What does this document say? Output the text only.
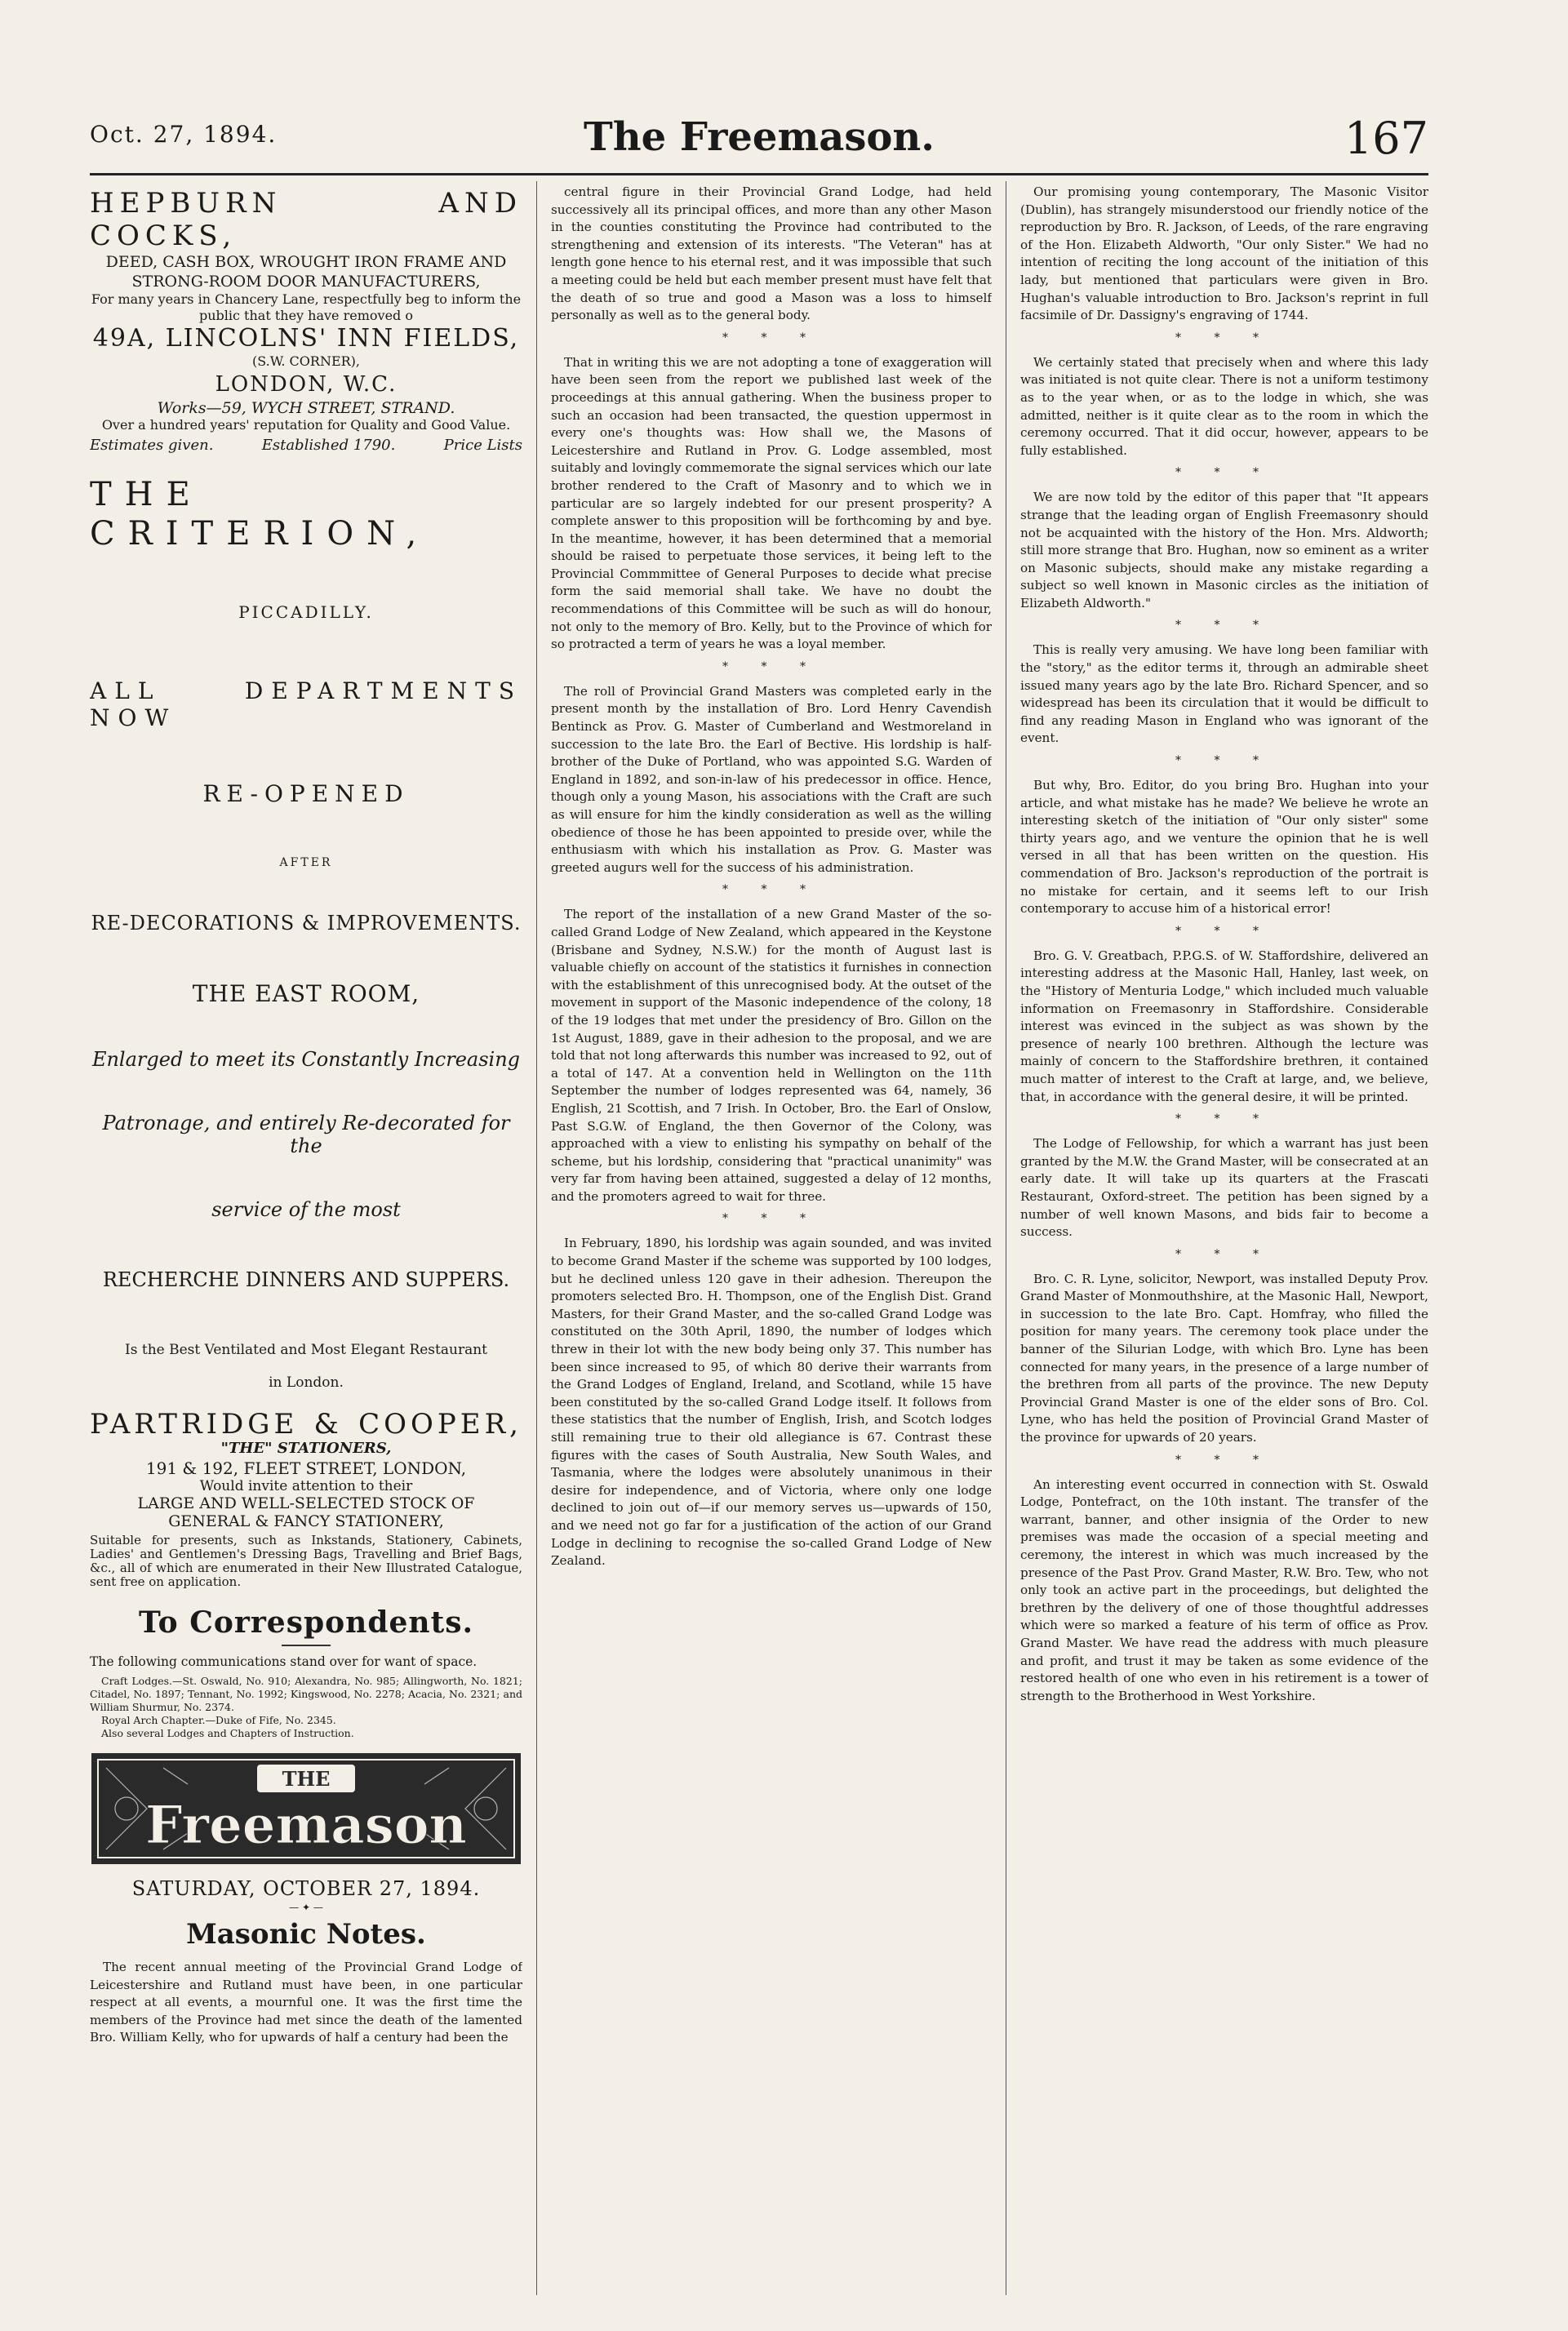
Oct. 27, 1894.	The Freemason.	167
HEPBURN AND COCKS,
DEED, CASH BOX, WROUGHT IRON FRAME AND
STRONG-ROOM DOOR MANUFACTURERS,
For many years in Chancery Lane, respectfully beg to inform the public that they have removed o
49A, LINCOLNS' INN FIELDS,
(S.W. CORNER),
LONDON, W.C.
Works—59, WYCH STREET, STRAND.
Over a hundred years' reputation for Quality and Good Value.
Estimates given.	Established 1790.	Price Lists
THE CRITERION,
PICCADILLY.
ALL DEPARTMENTS NOW
RE-OPENED
AFTER
RE-DECORATIONS & IMPROVEMENTS.
THE EAST ROOM,
Enlarged to meet its Constantly Increasing
Patronage, and entirely Re-decorated for the
service of the most
RECHERCHE DINNERS AND SUPPERS.
Is the Best Ventilated and Most Elegant Restaurant
in London.
PARTRIDGE & COOPER,
"THE" STATIONERS,
191 & 192, FLEET STREET, LONDON,
Would invite attention to their
LARGE AND WELL-SELECTED STOCK OF
GENERAL & FANCY STATIONERY,
Suitable for presents, such as Inkstands, Stationery, Cabinets, Ladies' and Gentlemen's Dressing Bags, Travelling and Brief Bags, &c., all of which are enumerated in their New Illustrated Catalogue, sent free on application.
To Correspondents.

The following communications stand over for want of space.

Craft Lodges.—St. Oswald, No. 910; Alexandra, No. 985; Allingworth, No. 1821; Citadel, No. 1897; Tennant, No. 1992; Kingswood, No. 2278; Acacia, No. 2321; and William Shurmur, No. 2374.

Royal Arch Chapter.—Duke of Fife, No. 2345.

Also several Lodges and Chapters of Instruction.

THE
Freemason
SATURDAY, OCTOBER 27, 1894.
— ✦ —
Masonic Notes.

The recent annual meeting of the Provincial Grand Lodge of Leicestershire and Rutland must have been, in one particular respect at all events, a mournful one. It was the first time the members of the Province had met since the death of the lamented Bro. William Kelly, who for upwards of half a century had been the

central figure in their Provincial Grand Lodge, had held successively all its principal offices, and more than any other Mason in the counties constituting the Province had contributed to the strengthening and extension of its interests. "The Veteran" has at length gone hence to his eternal rest, and it was impossible that such a meeting could be held but each member present must have felt that the death of so true and good a Mason was a loss to himself personally as well as to the general body.

* * *

That in writing this we are not adopting a tone of exaggeration will have been seen from the report we published last week of the proceedings at this annual gathering. When the business proper to such an occasion had been transacted, the question uppermost in every one's thoughts was: How shall we, the Masons of Leicestershire and Rutland in Prov. G. Lodge assembled, most suitably and lovingly commemorate the signal services which our late brother rendered to the Craft of Masonry and to which we in particular are so largely indebted for our present prosperity? A complete answer to this proposition will be forthcoming by and bye. In the meantime, however, it has been determined that a memorial should be raised to perpetuate those services, it being left to the Provincial Commmittee of General Purposes to decide what precise form the said memorial shall take. We have no doubt the recommendations of this Committee will be such as will do honour, not only to the memory of Bro. Kelly, but to the Province of which for so protracted a term of years he was a loyal member.

* * *

The roll of Provincial Grand Masters was completed early in the present month by the installation of Bro. Lord Henry Cavendish Bentinck as Prov. G. Master of Cumberland and Westmoreland in succession to the late Bro. the Earl of Bective. His lordship is half-brother of the Duke of Portland, who was appointed S.G. Warden of England in 1892, and son-in-law of his predecessor in office. Hence, though only a young Mason, his associations with the Craft are such as will ensure for him the kindly consideration as well as the willing obedience of those he has been appointed to preside over, while the enthusiasm with which his installation as Prov. G. Master was greeted augurs well for the success of his administration.

* * *

The report of the installation of a new Grand Master of the so-called Grand Lodge of New Zealand, which appeared in the Keystone (Brisbane and Sydney, N.S.W.) for the month of August last is valuable chiefly on account of the statistics it furnishes in connection with the establishment of this unrecognised body. At the outset of the movement in support of the Masonic independence of the colony, 18 of the 19 lodges that met under the presidency of Bro. Gillon on the 1st August, 1889, gave in their adhesion to the proposal, and we are told that not long afterwards this number was increased to 92, out of a total of 147. At a convention held in Wellington on the 11th September the number of lodges represented was 64, namely, 36 English, 21 Scottish, and 7 Irish. In October, Bro. the Earl of Onslow, Past S.G.W. of England, the then Governor of the Colony, was approached with a view to enlisting his sympathy on behalf of the scheme, but his lordship, considering that "practical unanimity" was very far from having been attained, suggested a delay of 12 months, and the promoters agreed to wait for three.

* * *

In February, 1890, his lordship was again sounded, and was invited to become Grand Master if the scheme was supported by 100 lodges, but he declined unless 120 gave in their adhesion. Thereupon the promoters selected Bro. H. Thompson, one of the English Dist. Grand Masters, for their Grand Master, and the so-called Grand Lodge was constituted on the 30th April, 1890, the number of lodges which threw in their lot with the new body being only 37. This number has been since increased to 95, of which 80 derive their warrants from the Grand Lodges of England, Ireland, and Scotland, while 15 have been constituted by the so-called Grand Lodge itself. It follows from these statistics that the number of English, Irish, and Scotch lodges still remaining true to their old allegiance is 67. Contrast these figures with the cases of South Australia, New South Wales, and Tasmania, where the lodges were absolutely unanimous in their desire for independence, and of Victoria, where only one lodge declined to join out of—if our memory serves us—upwards of 150, and we need not go far for a justification of the action of our Grand Lodge in declining to recognise the so-called Grand Lodge of New Zealand.

Our promising young contemporary, The Masonic Visitor (Dublin), has strangely misunderstood our friendly notice of the reproduction by Bro. R. Jackson, of Leeds, of the rare engraving of the Hon. Elizabeth Aldworth, "Our only Sister." We had no intention of reciting the long account of the initiation of this lady, but mentioned that particulars were given in Bro. Hughan's valuable introduction to Bro. Jackson's reprint in full facsimile of Dr. Dassigny's engraving of 1744.

* * *

We certainly stated that precisely when and where this lady was initiated is not quite clear. There is not a uniform testimony as to the year when, or as to the lodge in which, she was admitted, neither is it quite clear as to the room in which the ceremony occurred. That it did occur, however, appears to be fully established.

* * *

We are now told by the editor of this paper that "It appears strange that the leading organ of English Freemasonry should not be acquainted with the history of the Hon. Mrs. Aldworth; still more strange that Bro. Hughan, now so eminent as a writer on Masonic subjects, should make any mistake regarding a subject so well known in Masonic circles as the initiation of Elizabeth Aldworth."

* * *

This is really very amusing. We have long been familiar with the "story," as the editor terms it, through an admirable sheet issued many years ago by the late Bro. Richard Spencer, and so widespread has been its circulation that it would be difficult to find any reading Mason in England who was ignorant of the event.

* * *

But why, Bro. Editor, do you bring Bro. Hughan into your article, and what mistake has he made? We believe he wrote an interesting sketch of the initiation of "Our only sister" some thirty years ago, and we venture the opinion that he is well versed in all that has been written on the question. His commendation of Bro. Jackson's reproduction of the portrait is no mistake for certain, and it seems left to our Irish contemporary to accuse him of a historical error!

* * *

Bro. G. V. Greatbach, P.P.G.S. of W. Staffordshire, delivered an interesting address at the Masonic Hall, Hanley, last week, on the "History of Menturia Lodge," which included much valuable information on Freemasonry in Staffordshire. Considerable interest was evinced in the subject as was shown by the presence of nearly 100 brethren. Although the lecture was mainly of concern to the Staffordshire brethren, it contained much matter of interest to the Craft at large, and, we believe, that, in accordance with the general desire, it will be printed.

* * *

The Lodge of Fellowship, for which a warrant has just been granted by the M.W. the Grand Master, will be consecrated at an early date. It will take up its quarters at the Frascati Restaurant, Oxford-street. The petition has been signed by a number of well known Masons, and bids fair to become a success.

* * *

Bro. C. R. Lyne, solicitor, Newport, was installed Deputy Prov. Grand Master of Monmouthshire, at the Masonic Hall, Newport, in succession to the late Bro. Capt. Homfray, who filled the position for many years. The ceremony took place under the banner of the Silurian Lodge, with which Bro. Lyne has been connected for many years, in the presence of a large number of the brethren from all parts of the province. The new Deputy Provincial Grand Master is one of the elder sons of Bro. Col. Lyne, who has held the position of Provincial Grand Master of the province for upwards of 20 years.

* * *

An interesting event occurred in connection with St. Oswald Lodge, Pontefract, on the 10th instant. The transfer of the warrant, banner, and other insignia of the Order to new premises was made the occasion of a special meeting and ceremony, the interest in which was much increased by the presence of the Past Prov. Grand Master, R.W. Bro. Tew, who not only took an active part in the proceedings, but delighted the brethren by the delivery of one of those thoughtful addresses which were so marked a feature of his term of office as Prov. Grand Master. We have read the address with much pleasure and profit, and trust it may be taken as some evidence of the restored health of one who even in his retirement is a tower of strength to the Brotherhood in West Yorkshire.
